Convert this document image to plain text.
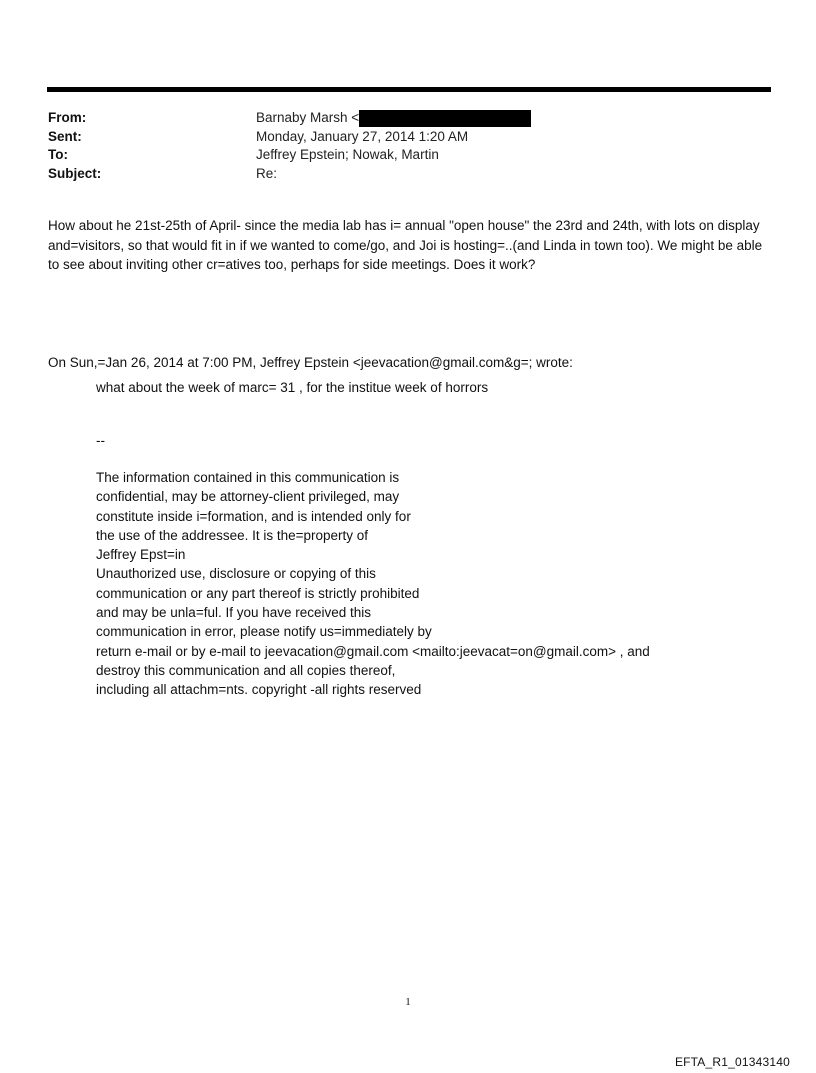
From:	Barnaby Marsh <
Sent:	Monday, January 27, 2014 1:20 AM
To:	Jeffrey Epstein; Nowak, Martin
Subject:	Re:
How about he 21st-25th of April- since the media lab has i= annual "open house" the 23rd and 24th, with lots on display
and=visitors, so that would fit in if we wanted to come/go, and Joi is hosting=..(and Linda in town too). We might be able
to see about inviting other cr=atives too, perhaps for side meetings. Does it work?
On Sun,=Jan 26, 2014 at 7:00 PM, Jeffrey Epstein <jeevacation@gmail.com&g=; wrote:
what about the week of marc= 31 , for the institue week of horrors
--
The information contained in this communication is
confidential, may be attorney-client privileged, may
constitute inside i=formation, and is intended only for
the use of the addressee. It is the=property of
Jeffrey Epst=in
Unauthorized use, disclosure or copying of this
communication or any part thereof is strictly prohibited
and may be unla=ful. If you have received this
communication in error, please notify us=immediately by
return e-mail or by e-mail to jeevacation@gmail.com <mailto:jeevacat=on@gmail.com> , and
destroy this communication and all copies thereof,
including all attachm=nts. copyright -all rights reserved
1
EFTA_R1_01343140
